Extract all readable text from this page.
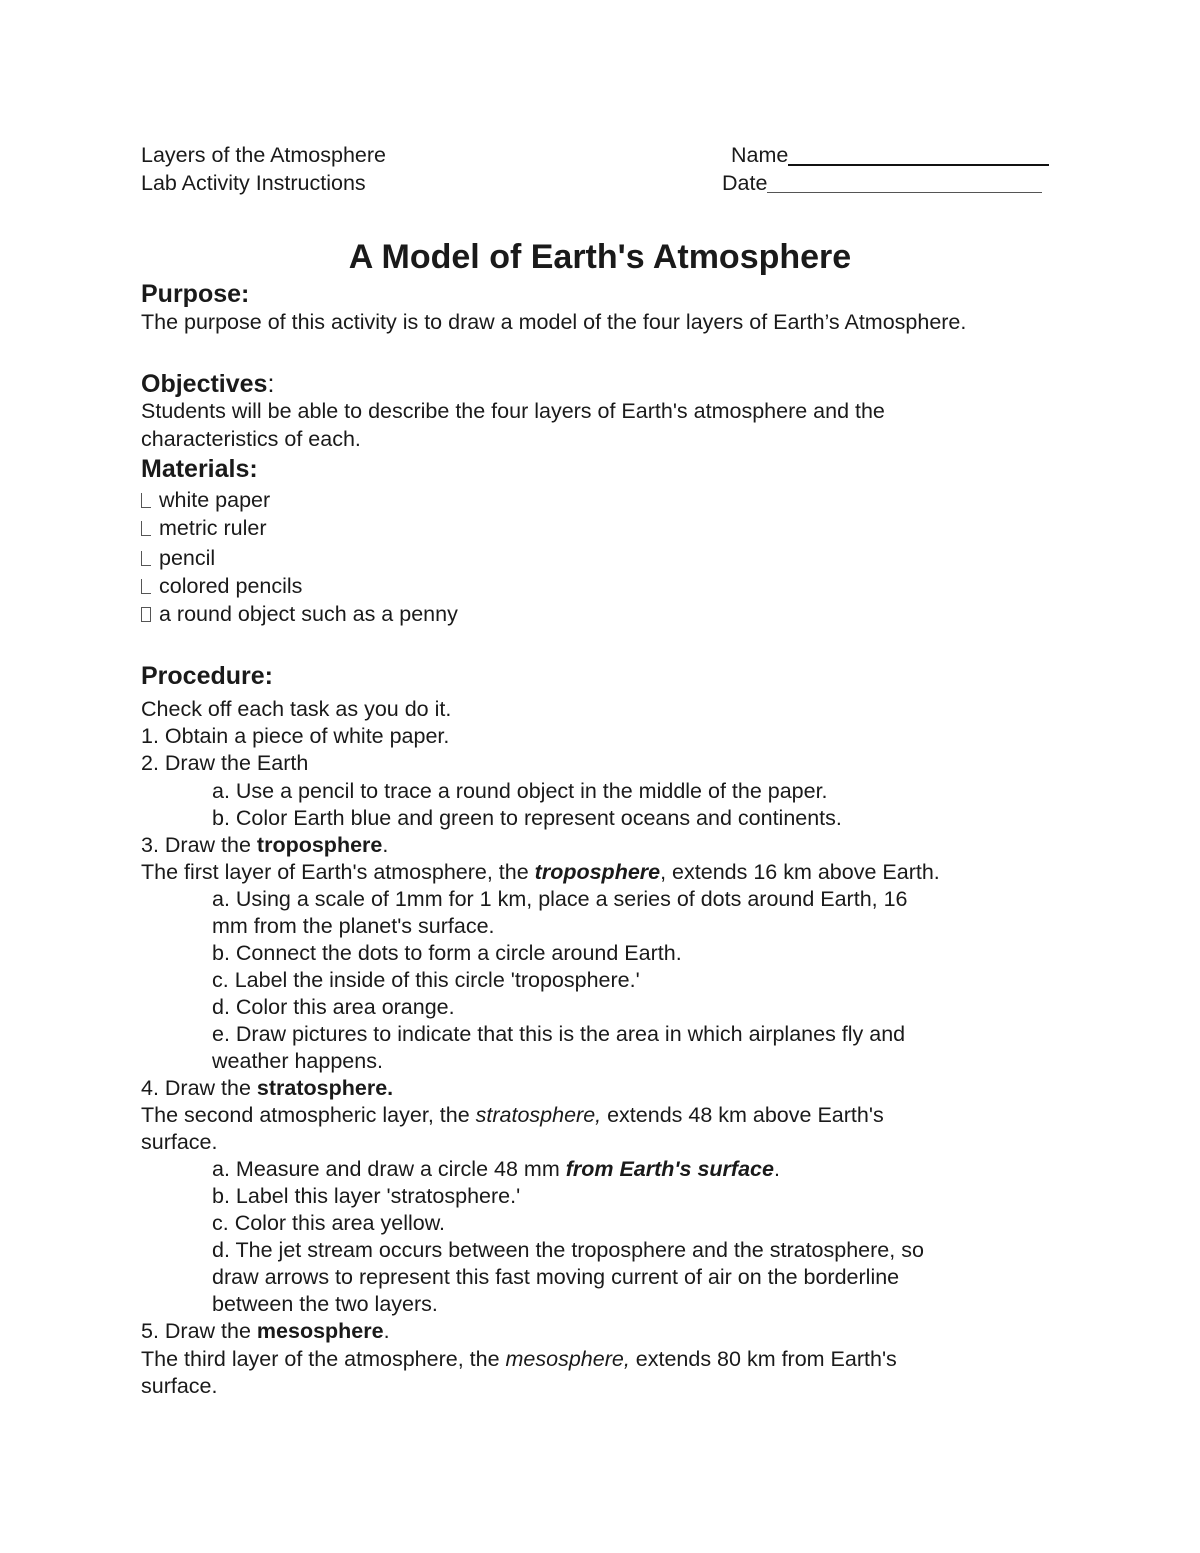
Layers of the Atmosphere
Lab Activity Instructions
Name
Date
A Model of Earth's Atmosphere
Purpose:
The purpose of this activity is to draw a model of the four layers of Earth’s Atmosphere.
Objectives:
Students will be able to describe the four layers of Earth's atmosphere and the
characteristics of each.
Materials:
white paper
metric ruler
pencil
colored pencils
a round object such as a penny
Procedure:
Check off each task as you do it.
1. Obtain a piece of white paper.
2. Draw the Earth
a. Use a pencil to trace a round object in the middle of the paper.
b. Color Earth blue and green to represent oceans and continents.
3. Draw the troposphere.
The first layer of Earth's atmosphere, the troposphere, extends 16 km above Earth.
a. Using a scale of 1mm for 1 km, place a series of dots around Earth, 16
mm from the planet's surface.
b. Connect the dots to form a circle around Earth.
c. Label the inside of this circle 'troposphere.'
d. Color this area orange.
e. Draw pictures to indicate that this is the area in which airplanes fly and
weather happens.
4. Draw the stratosphere.
The second atmospheric layer, the stratosphere, extends 48 km above Earth's
surface.
a. Measure and draw a circle 48 mm from Earth's surface.
b. Label this layer 'stratosphere.'
c. Color this area yellow.
d. The jet stream occurs between the troposphere and the stratosphere, so
draw arrows to represent this fast moving current of air on the borderline
between the two layers.
5. Draw the mesosphere.
The third layer of the atmosphere, the mesosphere, extends 80 km from Earth's
surface.
